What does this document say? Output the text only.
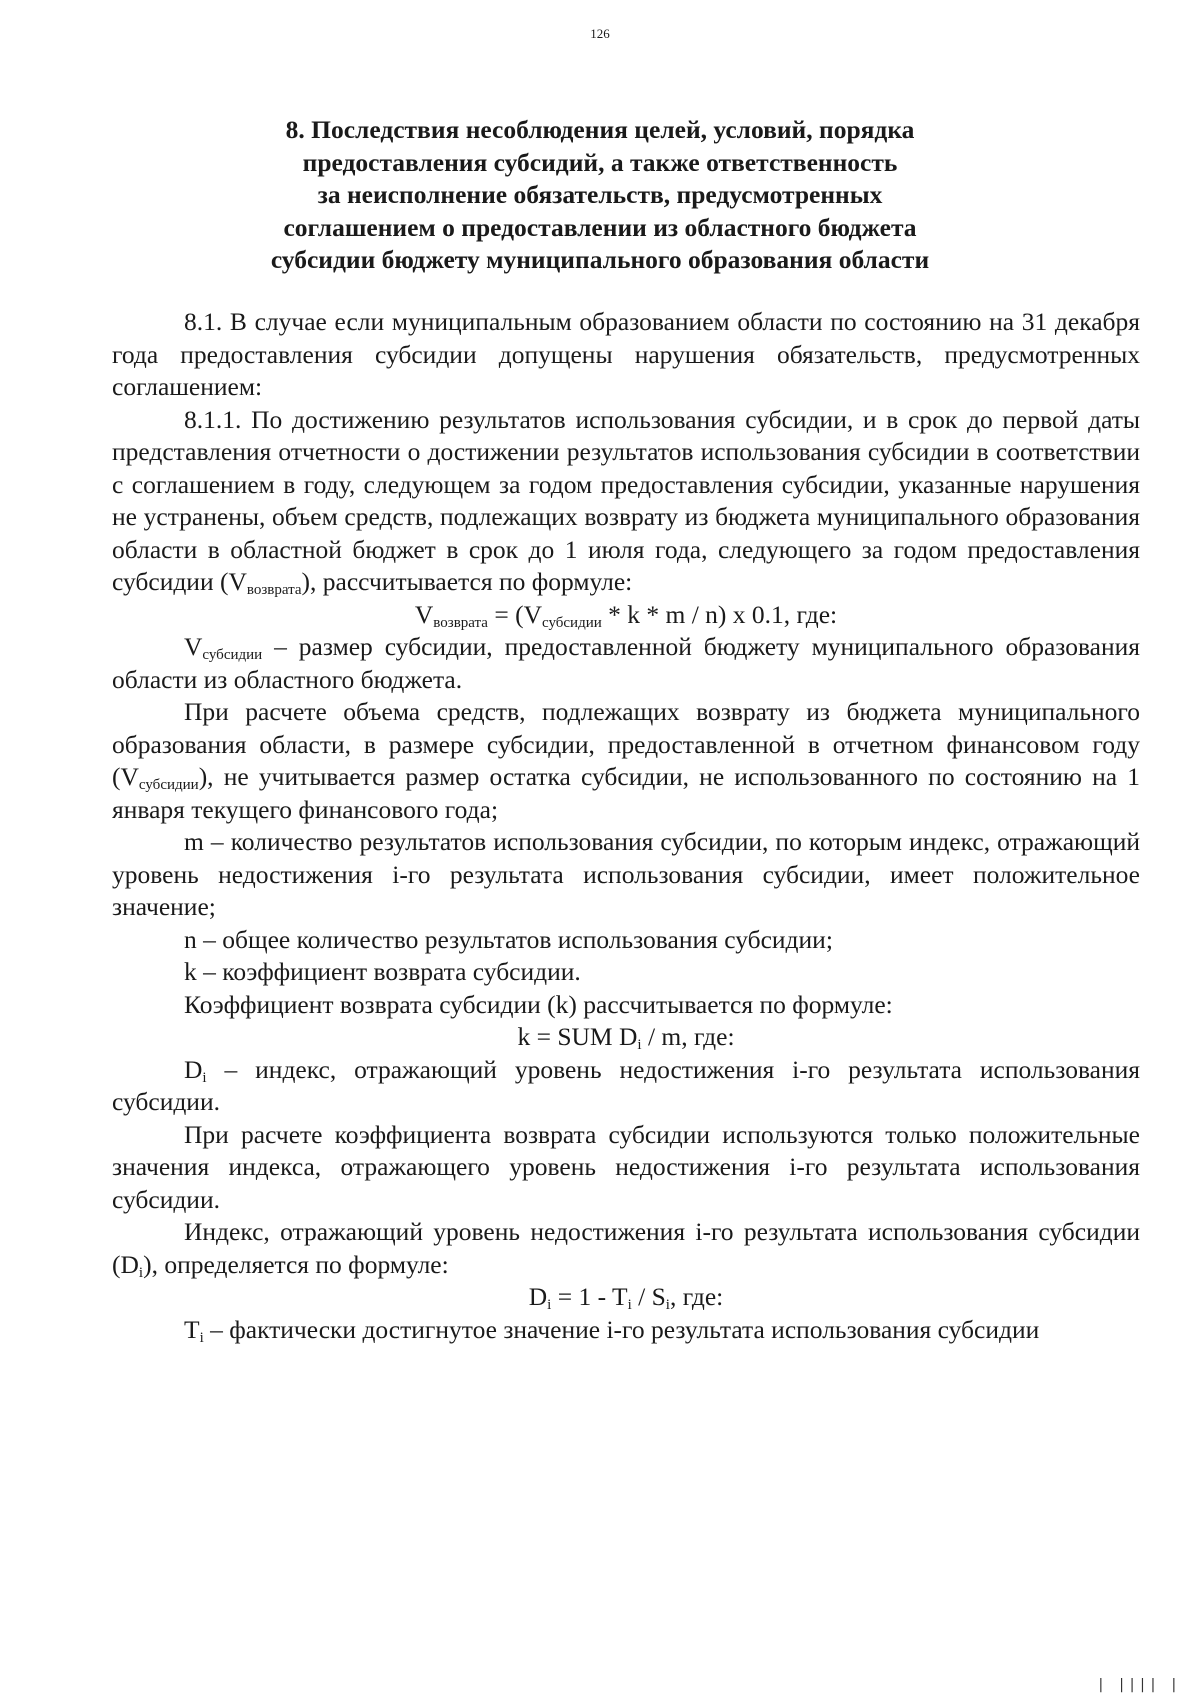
126
8. Последствия несоблюдения целей, условий, порядка
предоставления субсидий, а также ответственность
за неисполнение обязательств, предусмотренных
соглашением о предоставлении из областного бюджета
субсидии бюджету муниципального образования области

8.1. В случае если муниципальным образованием области по состоянию на 31 декабря года предоставления субсидии допущены нарушения обязательств, предусмотренных соглашением:

8.1.1. По достижению результатов использования субсидии, и в срок до первой даты представления отчетности о достижении результатов использования субсидии в соответствии с соглашением в году, следующем за годом предоставления субсидии, указанные нарушения не устранены, объем средств, подлежащих возврату из бюджета муниципального образования области в областной бюджет в срок до 1 июля года, следующего за годом предоставления субсидии $(V_{возврата})$, рассчитывается по формуле:

$V_{возврата} = (V_{субсидии} * k * m / n)$ x 0.1, где:

$V_{субсидии}$ – размер субсидии, предоставленной бюджету муниципального образования области из областного бюджета.

При расчете объема средств, подлежащих возврату из бюджета муниципального образования области, в размере субсидии, предоставленной в отчетном финансовом году $(V_{субсидии})$, не учитывается размер остатка субсидии, не использованного по состоянию на 1 января текущего финансового года;

m – количество результатов использования субсидии, по которым индекс, отражающий уровень недостижения i-го результата использования субсидии, имеет положительное значение;

n – общее количество результатов использования субсидии;

k – коэффициент возврата субсидии.

Коэффициент возврата субсидии (k) рассчитывается по формуле:

k = SUM $D_i$ / m, где:

$D_i$ – индекс, отражающий уровень недостижения i-го результата использования субсидии.

При расчете коэффициента возврата субсидии используются только положительные значения индекса, отражающего уровень недостижения i-го результата использования субсидии.

Индекс, отражающий уровень недостижения i-го результата использования субсидии $(D_i)$, определяется по формуле:

$D_i = 1 - T_i / S_i$, где:

$T_i$ – фактически достигнутое значение i-го результата использования субсидии

| |||| |
